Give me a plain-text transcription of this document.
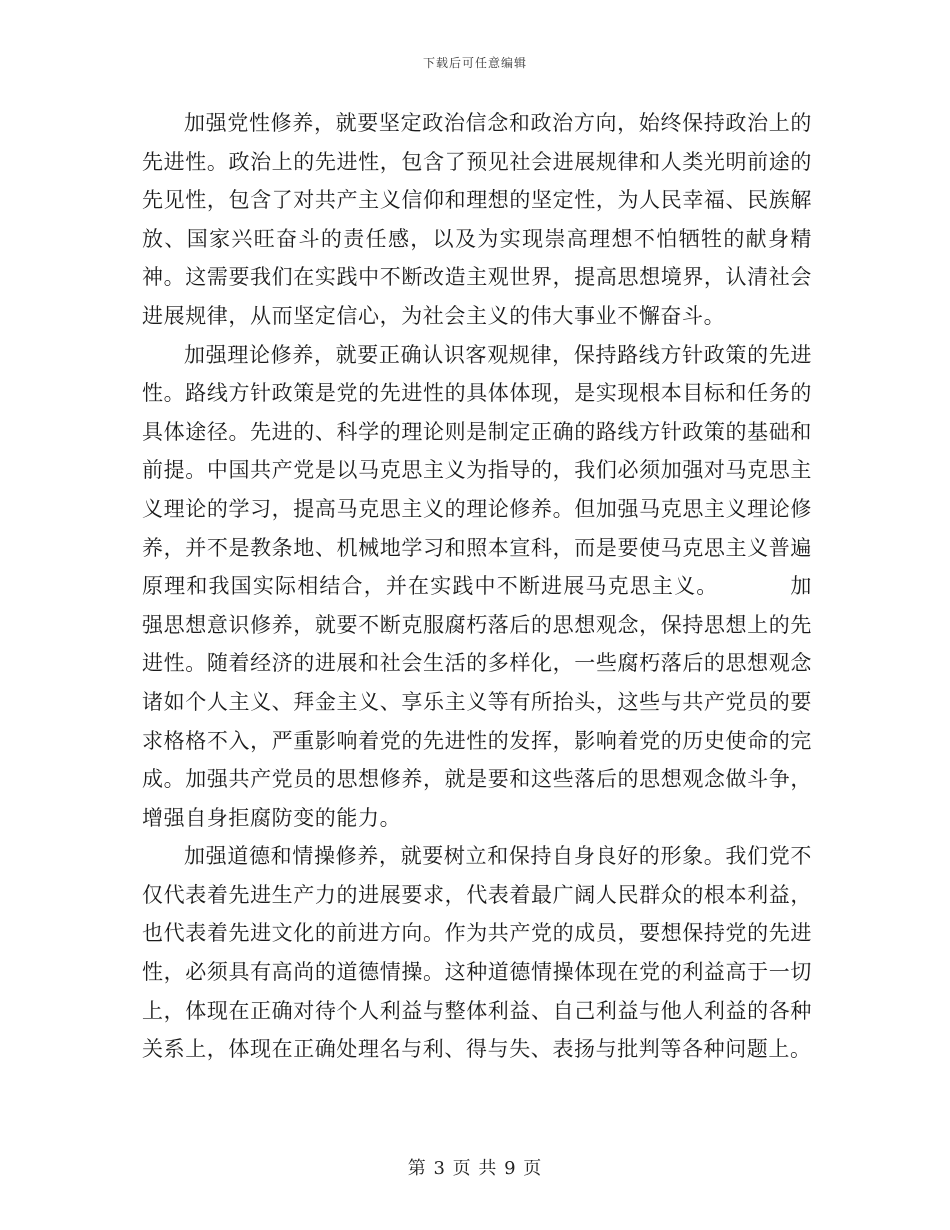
下载后可任意编辑

加强党性修养，就要坚定政治信念和政治方向，始终保持政治上的先进性。政治上的先进性，包含了预见社会进展规律和人类光明前途的先见性，包含了对共产主义信仰和理想的坚定性，为人民幸福、民族解放、国家兴旺奋斗的责任感，以及为实现崇高理想不怕牺牲的献身精神。这需要我们在实践中不断改造主观世界，提高思想境界，认清社会进展规律，从而坚定信心，为社会主义的伟大事业不懈奋斗。

加强理论修养，就要正确认识客观规律，保持路线方针政策的先进性。路线方针政策是党的先进性的具体体现，是实现根本目标和任务的具体途径。先进的、科学的理论则是制定正确的路线方针政策的基础和前提。中国共产党是以马克思主义为指导的，我们必须加强对马克思主义理论的学习，提高马克思主义的理论修养。但加强马克思主义理论修养，并不是教条地、机械地学习和照本宣科，而是要使马克思主义普遍原理和我国实际相结合，并在实践中不断进展马克思主义。	加强思想意识修养，就要不断克服腐朽落后的思想观念，保持思想上的先进性。随着经济的进展和社会生活的多样化，一些腐朽落后的思想观念诸如个人主义、拜金主义、享乐主义等有所抬头，这些与共产党员的要求格格不入，严重影响着党的先进性的发挥，影响着党的历史使命的完成。加强共产党员的思想修养，就是要和这些落后的思想观念做斗争，增强自身拒腐防变的能力。

加强道德和情操修养，就要树立和保持自身良好的形象。我们党不仅代表着先进生产力的进展要求，代表着最广阔人民群众的根本利益，也代表着先进文化的前进方向。作为共产党的成员，要想保持党的先进性，必须具有高尚的道德情操。这种道德情操体现在党的利益高于一切上，体现在正确对待个人利益与整体利益、自己利益与他人利益的各种关系上，体现在正确处理名与利、得与失、表扬与批判等各种问题上。

第 3 页 共 9 页
